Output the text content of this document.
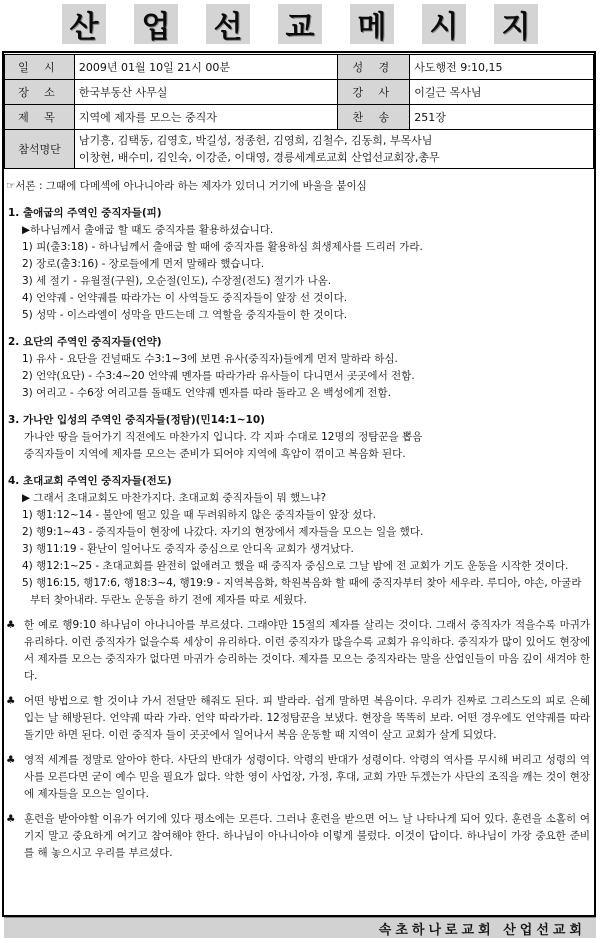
산 업 선 교 메 시 지
일 시	2009년 01월 10일 21시 00분	성 경	사도행전 9:10,15
장 소	한국부동산 사무실	강 사	이길근 목사님
제 목	지역에 제자를 모으는 중직자	찬 송	251장
참석명단	남기흥, 김택동, 김영호, 박길성, 정종헌, 김영희, 김철수, 김동희, 부목사님
이창현, 배수미, 김인숙, 이강준, 이대영, 경릉세계로교회 산업선교회장,총무		
☞서론 : 그때에 다메섹에 아나니아라 하는 제자가 있더니 거기에 바울을 붙이심
1. 출애굽의 주역인 중직자들(피)
▶하나님께서 출애굽 할 때도 중직자를 활용하셨습니다.
1) 피(출3:18) - 하나님께서 출애굽 할 때에 중직자를 활용하심 희생제사를 드리러 가라.
2) 장로(출3:16) - 장로들에게 먼저 말해라 했습니다.
3) 세 절기 - 유월절(구원), 오순절(인도), 수장절(전도) 절기가 나옴.
4) 언약궤 - 언약궤를 따라가는 이 사역들도 중직자들이 앞장 선 것이다.
5) 성막 - 이스라엘이 성막을 만드는데 그 역할을 중직자들이 한 것이다.
2. 요단의 주역인 중직자들(언약)
1) 유사 - 요단을 건널때도 수3:1~3에 보면 유사(중직자)들에게 먼저 말하라 하심.
2) 언약(요단) - 수3:4~20 언약궤 멘자를 따라가라 유사들이 다니면서 곳곳에서 전함.
3) 여리고 - 수6장 여리고를 돌때도 언약궤 멘자를 따라 돌라고 온 백성에게 전함.
3. 가나안 입성의 주역인 중직자들(정탐)(민14:1~10)
가나안 땅을 들어가기 직전에도 마찬가지 입니다. 각 지파 수대로 12명의 정탐꾼을 뽑음
중직자들이 지역에 제자를 모으는 준비가 되어야 지역에 흑암이 꺾이고 복음화 된다.
4. 초대교회 주역인 중직자들(전도)
▶ 그래서 초대교회도 마찬가지다. 초대교회 중직자들이 뭐 했느냐?
1) 행1:12~14 - 불안에 떨고 있을 때 두려워하지 않은 중직자들이 앞장 섰다.
2) 행9:1~43 - 중직자들이 현장에 나갔다. 자기의 현장에서 제자들을 모으는 일을 했다.
3) 행11:19 - 환난이 일어나도 중직자 중심으로 안디옥 교회가 생겨났다.
4) 행12:1~25 - 초대교회를 완전히 없애려고 했을 때 중직자 중심으로 그날 밤에 전 교회가 기도 운동을 시작한 것이다.
5) 행16:15, 행17:6, 행18:3~4, 행19:9 - 지역복음화, 학원복음화 할 때에 중직자부터 찾아 세우라. 루디아, 야손, 아굴라부터 찾아내라. 두란노 운동을 하기 전에 제자를 따로 세웠다.
♣ 한 예로 행9:10 하나님이 아나니아를 부르셨다. 그래야만 15절의 제자를 살리는 것이다. 그래서 중직자가 적을수록 마귀가 유리하다. 이런 중직자가 없을수록 세상이 유리하다. 이런 중직자가 많을수록 교회가 유익하다. 중직자가 많이 있어도 현장에서 제자를 모으는 중직자가 없다면 마귀가 승리하는 것이다. 제자를 모으는 중직자라는 말을 산업인들이 마음 깊이 새겨야 한다.
♣ 어떤 방법으로 할 것이냐 가서 전달만 해줘도 된다. 피 발라라. 쉽게 말하면 복음이다. 우리가 진짜로 그리스도의 피로 은혜 입는 날 해방된다. 언약궤 따라 가라. 언약 따라가라. 12정탐꾼을 보냈다. 현장을 똑똑히 보라. 어떤 경우에도 언약궤를 따라 돌기만 하면 된다. 이런 중직자 들이 곳곳에서 일어나서 복음 운동할 때 지역이 살고 교회가 살게 되었다.
♣ 영적 세계를 정말로 알아야 한다. 사단의 반대가 성령이다. 악령의 반대가 성령이다. 악령의 역사를 무시해 버리고 성령의 역사를 모른다면 굳이 예수 믿을 필요가 없다. 악한 영이 사업장, 가정, 후대, 교회 가만 두겠는가 사단의 조직을 깨는 것이 현장에 제자들을 모으는 일이다.
♣ 훈련을 받아야할 이유가 여기에 있다 평소에는 모른다. 그러나 훈련을 받으면 어느 날 나타나게 되어 있다. 훈련을 소홀히 여기지 말고 중요하게 여기고 참여해야 한다. 하나님이 아나니아야 이렇게 불렀다. 이것이 답이다. 하나님이 가장 중요한 준비를 해 놓으시고 우리를 부르셨다.
속초하나로교회 산업선교회
